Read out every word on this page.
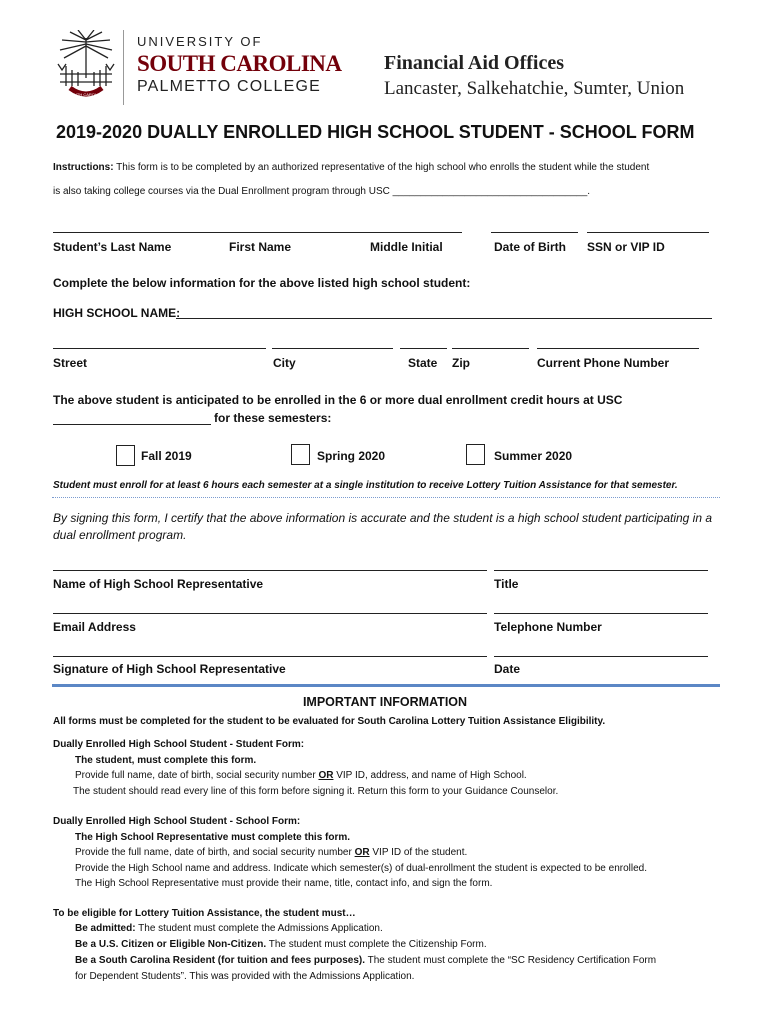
SOUTH CAROLINA
UNIVERSITY OF
SOUTH CAROLINA
PALMETTO COLLEGE
Financial Aid Offices
Lancaster, Salkehatchie, Sumter, Union
2019-2020 DUALLY ENROLLED HIGH SCHOOL STUDENT - SCHOOL FORM
Instructions: This form is to be completed by an authorized representative of the high school who enrolls the student while the student
is also taking college courses via the Dual Enrollment program through USC ___________________________________.
Student’s Last Name	First Name	Middle Initial	Date of Birth SSN or VIP ID
Complete the below information for the above listed high school student:
HIGH SCHOOL NAME:
Street	City	State Zip	Current Phone Number
The above student is anticipated to be enrolled in the 6 or more dual enrollment credit hours at USC
for these semesters:
Fall 2019	Spring 2020	Summer 2020
Student must enroll for at least 6 hours each semester at a single institution to receive Lottery Tuition Assistance for that semester.
By signing this form, I certify that the above information is accurate and the student is a high school student participating in a dual enrollment program.
Name of High School Representative	Title
Email Address	Telephone Number
Signature of High School Representative	Date
IMPORTANT INFORMATION
All forms must be completed for the student to be evaluated for South Carolina Lottery Tuition Assistance Eligibility.
Dually Enrolled High School Student - Student Form:
The student, must complete this form.
Provide full name, date of birth, social security number OR VIP ID, address, and name of High School.
The student should read every line of this form before signing it. Return this form to your Guidance Counselor.
Dually Enrolled High School Student - School Form:
The High School Representative must complete this form.
Provide the full name, date of birth, and social security number OR VIP ID of the student.
Provide the High School name and address. Indicate which semester(s) of dual-enrollment the student is expected to be enrolled.
The High School Representative must provide their name, title, contact info, and sign the form.
To be eligible for Lottery Tuition Assistance, the student must…
Be admitted: The student must complete the Admissions Application.
Be a U.S. Citizen or Eligible Non-Citizen. The student must complete the Citizenship Form.
Be a South Carolina Resident (for tuition and fees purposes). The student must complete the “SC Residency Certification Form
for Dependent Students”. This was provided with the Admissions Application.
